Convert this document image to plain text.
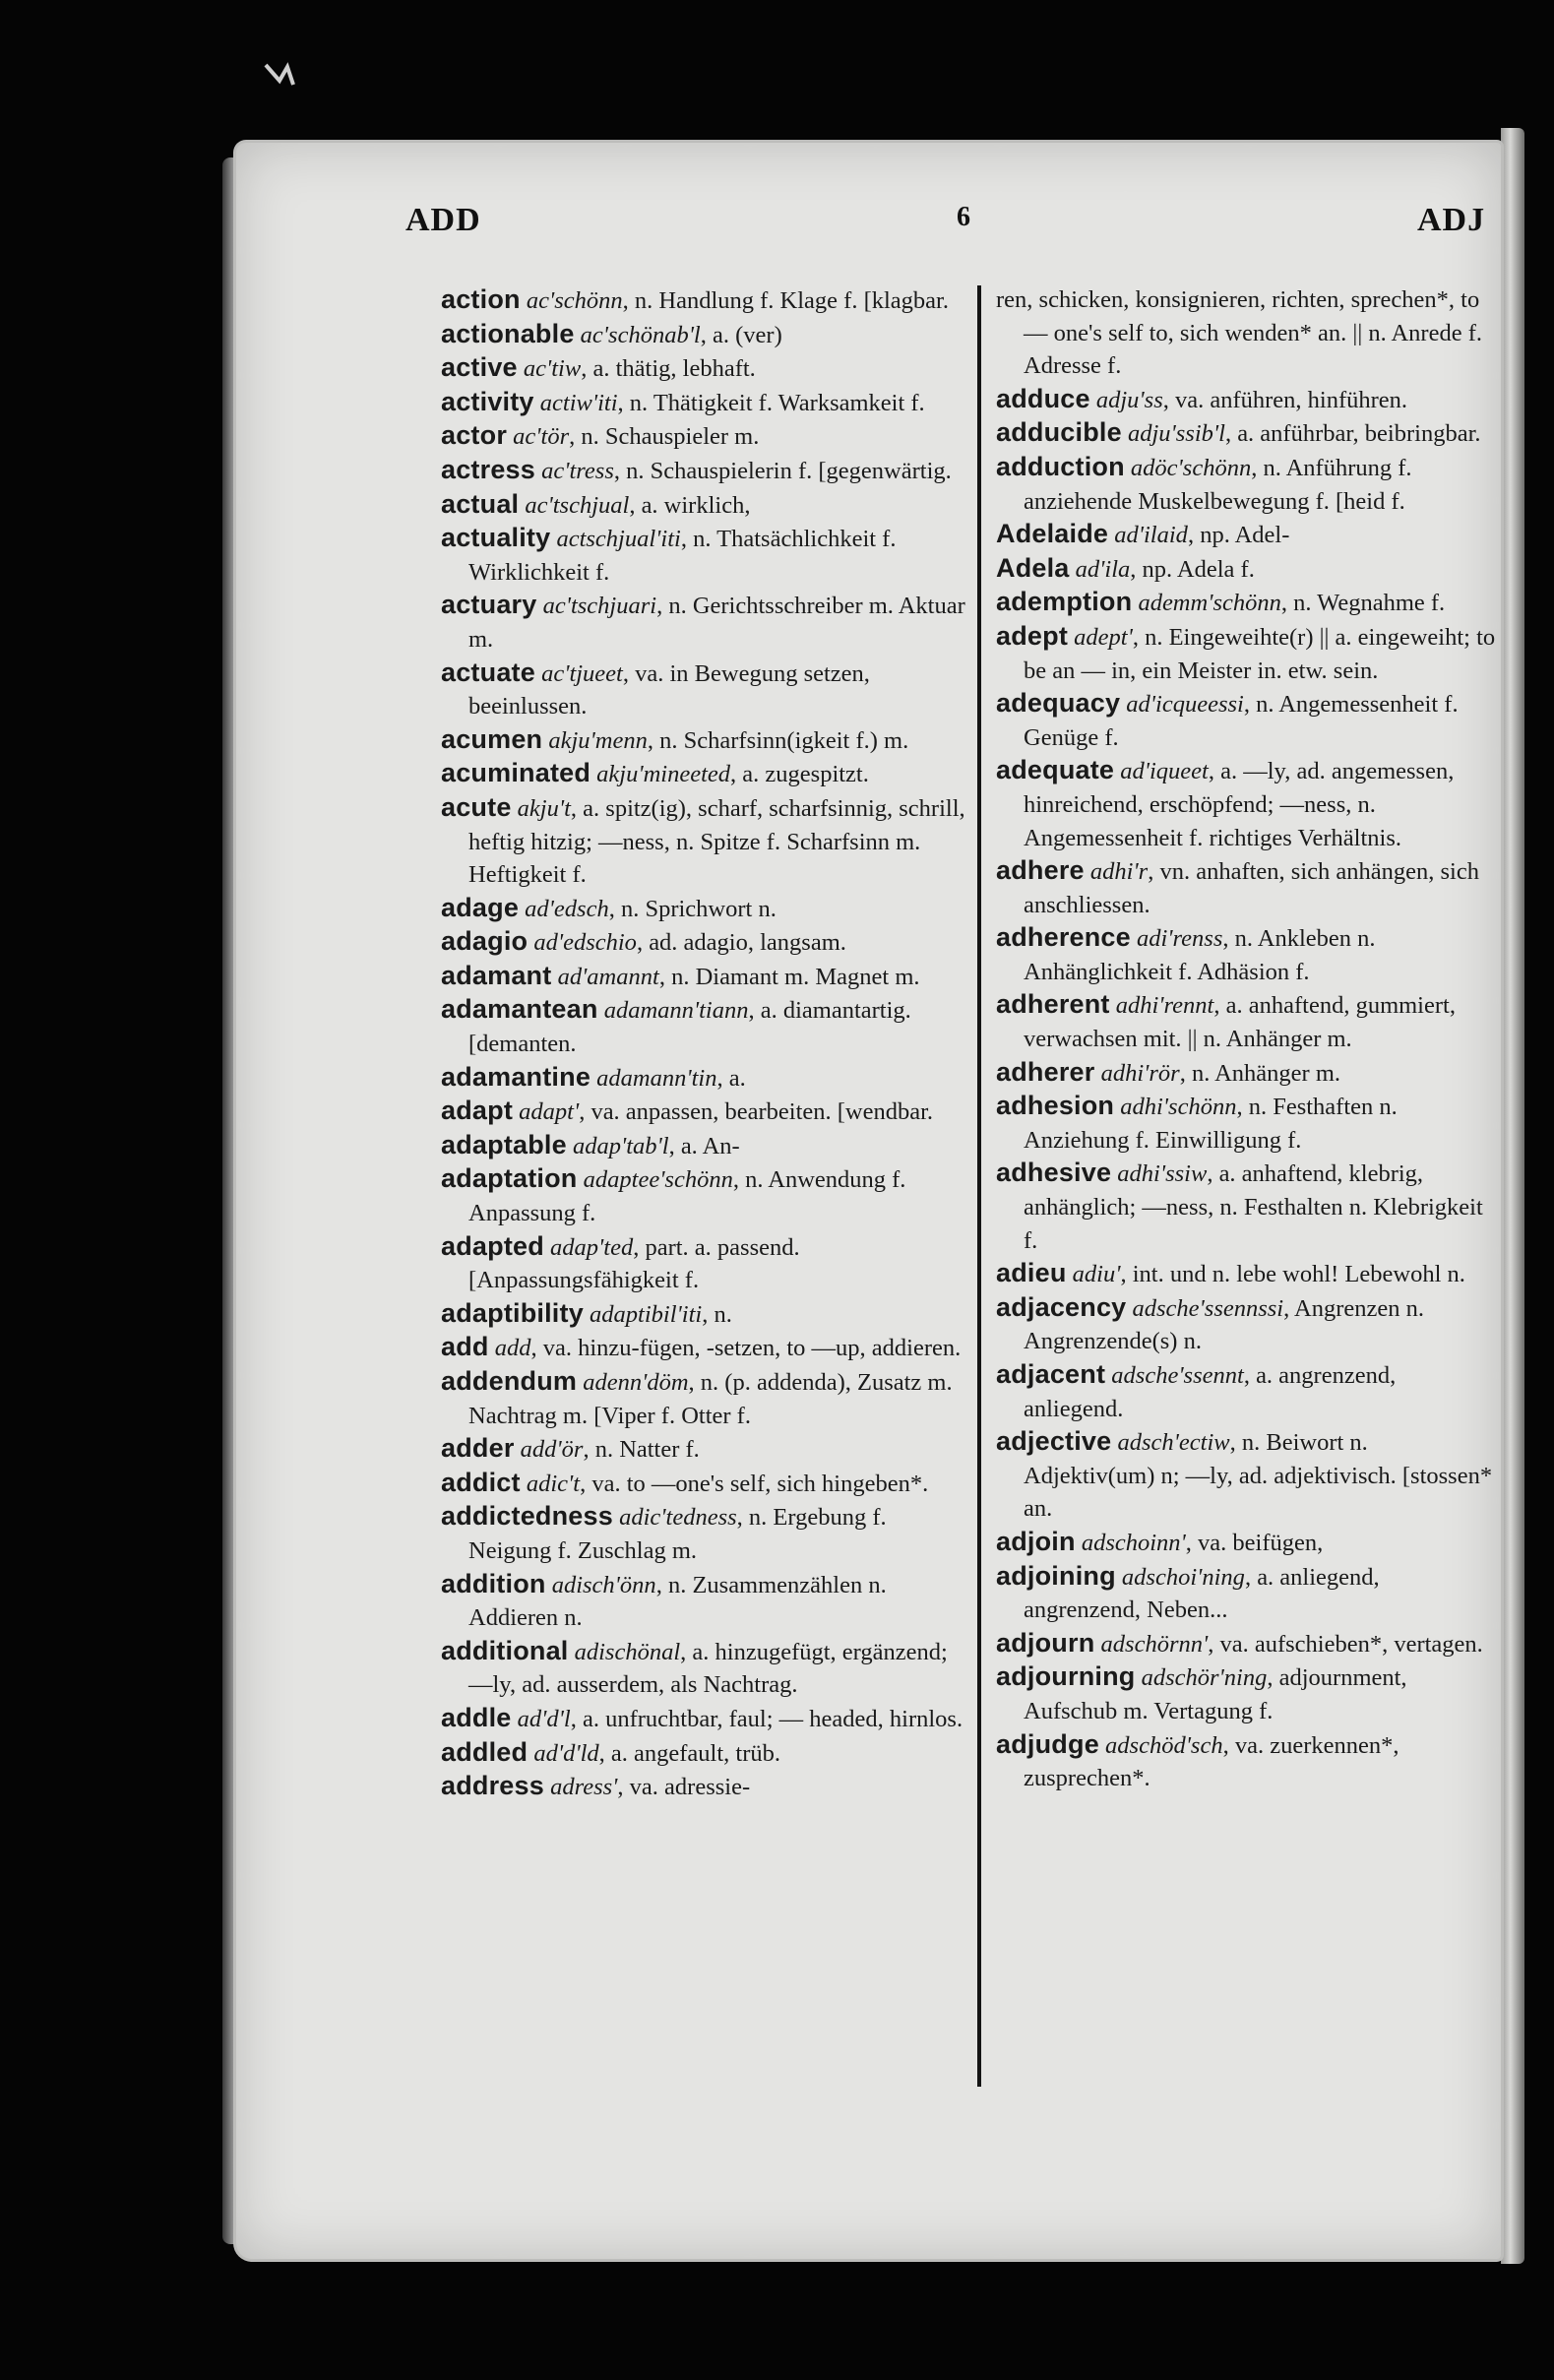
ADD	6	ADJ

action ac'schönn, n. Handlung f. Klage f. [klagbar.

actionable ac'schönab'l, a. (ver)

active ac'tiw, a. thätig, lebhaft.

activity actiw'iti, n. Thätigkeit f. Warksamkeit f.

actor ac'tör, n. Schauspieler m.

actress ac'tress, n. Schauspielerin f. [gegenwärtig.

actual ac'tschjual, a. wirklich,

actuality actschjual'iti, n. Thatsächlichkeit f. Wirklichkeit f.

actuary ac'tschjuari, n. Gerichtsschreiber m. Aktuar m.

actuate ac'tjueet, va. in Bewegung setzen, beeinlussen.

acumen akju'menn, n. Scharfsinn(igkeit f.) m.

acuminated akju'mineeted, a. zugespitzt.

acute akju't, a. spitz(ig), scharf, scharfsinnig, schrill, heftig hitzig; —ness, n. Spitze f. Scharfsinn m. Heftigkeit f.

adage ad'edsch, n. Sprichwort n.

adagio ad'edschio, ad. adagio, langsam.

adamant ad'amannt, n. Diamant m. Magnet m.

adamantean adamann'tiann, a. diamantartig. [demanten.

adamantine adamann'tin, a.

adapt adapt', va. anpassen, bearbeiten. [wendbar.

adaptable adap'tab'l, a. An-

adaptation adaptee'schönn, n. Anwendung f. Anpassung f.

adapted adap'ted, part. a. passend. [Anpassungsfähigkeit f.

adaptibility adaptibil'iti, n.

add add, va. hinzu-fügen, -setzen, to —up, addieren.

addendum adenn'döm, n. (p. addenda), Zusatz m. Nachtrag m. [Viper f. Otter f.

adder add'ör, n. Natter f.

addict adic't, va. to —one's self, sich hingeben*.

addictedness adic'tedness, n. Ergebung f. Neigung f. Zuschlag m.

addition adisch'önn, n. Zusammenzählen n. Addieren n.

additional adischönal, a. hinzugefügt, ergänzend; —ly, ad. ausserdem, als Nachtrag.

addle ad'd'l, a. unfruchtbar, faul; — headed, hirnlos.

addled ad'd'ld, a. angefault, trüb.

address adress', va. adressie-

ren, schicken, konsignieren, richten, sprechen*, to — one's self to, sich wenden* an. || n. Anrede f. Adresse f.

adduce adju'ss, va. anführen, hinführen.

adducible adju'ssib'l, a. anführbar, beibringbar.

adduction adöc'schönn, n. Anführung f. anziehende Muskelbewegung f. [heid f.

Adelaide ad'ilaid, np. Adel-

Adela ad'ila, np. Adela f.

ademption ademm'schönn, n. Wegnahme f.

adept adept', n. Eingeweihte(r) || a. eingeweiht; to be an — in, ein Meister in. etw. sein.

adequacy ad'icqueessi, n. Angemessenheit f. Genüge f.

adequate ad'iqueet, a. —ly, ad. angemessen, hinreichend, erschöpfend; —ness, n. Angemessenheit f. richtiges Verhältnis.

adhere adhi'r, vn. anhaften, sich anhängen, sich anschliessen.

adherence adi'renss, n. Ankleben n. Anhänglichkeit f. Adhäsion f.

adherent adhi'rennt, a. anhaftend, gummiert, verwachsen mit. || n. Anhänger m.

adherer adhi'rör, n. Anhänger m.

adhesion adhi'schönn, n. Festhaften n. Anziehung f. Einwilligung f.

adhesive adhi'ssiw, a. anhaftend, klebrig, anhänglich; —ness, n. Festhalten n. Klebrigkeit f.

adieu adiu', int. und n. lebe wohl! Lebewohl n.

adjacency adsche'ssennssi, Angrenzen n. Angrenzende(s) n.

adjacent adsche'ssennt, a. angrenzend, anliegend.

adjective adsch'ectiw, n. Beiwort n. Adjektiv(um) n; —ly, ad. adjektivisch. [stossen* an.

adjoin adschoinn', va. beifügen,

adjoining adschoi'ning, a. anliegend, angrenzend, Neben...

adjourn adschörnn', va. aufschieben*, vertagen.

adjourning adschör'ning, adjournment, Aufschub m. Vertagung f.

adjudge adschöd'sch, va. zuerkennen*, zusprechen*.
